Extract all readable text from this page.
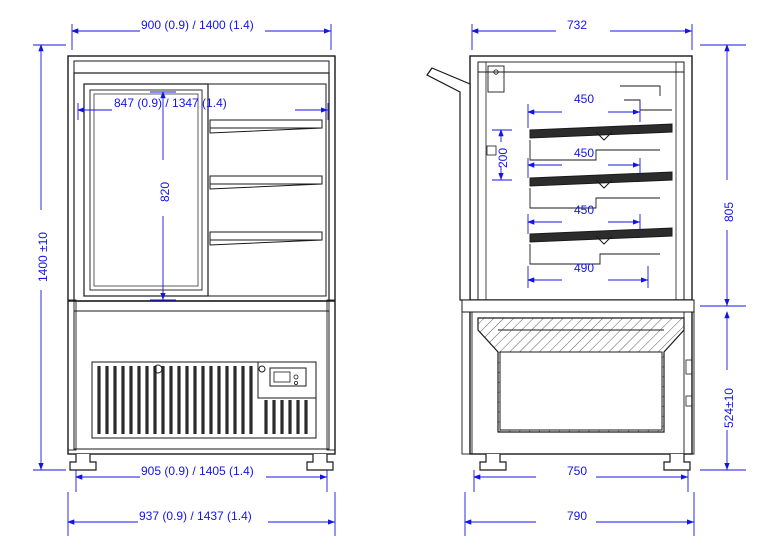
900 (0.9) / 1400 (1.4)
847 (0.9) / 1347 (1.4)
820
1400 ±10
905 (0.9) / 1405 (1.4)
937 (0.9) / 1437 (1.4)
732
450
450
450
200
490
805
524±10
750
790
